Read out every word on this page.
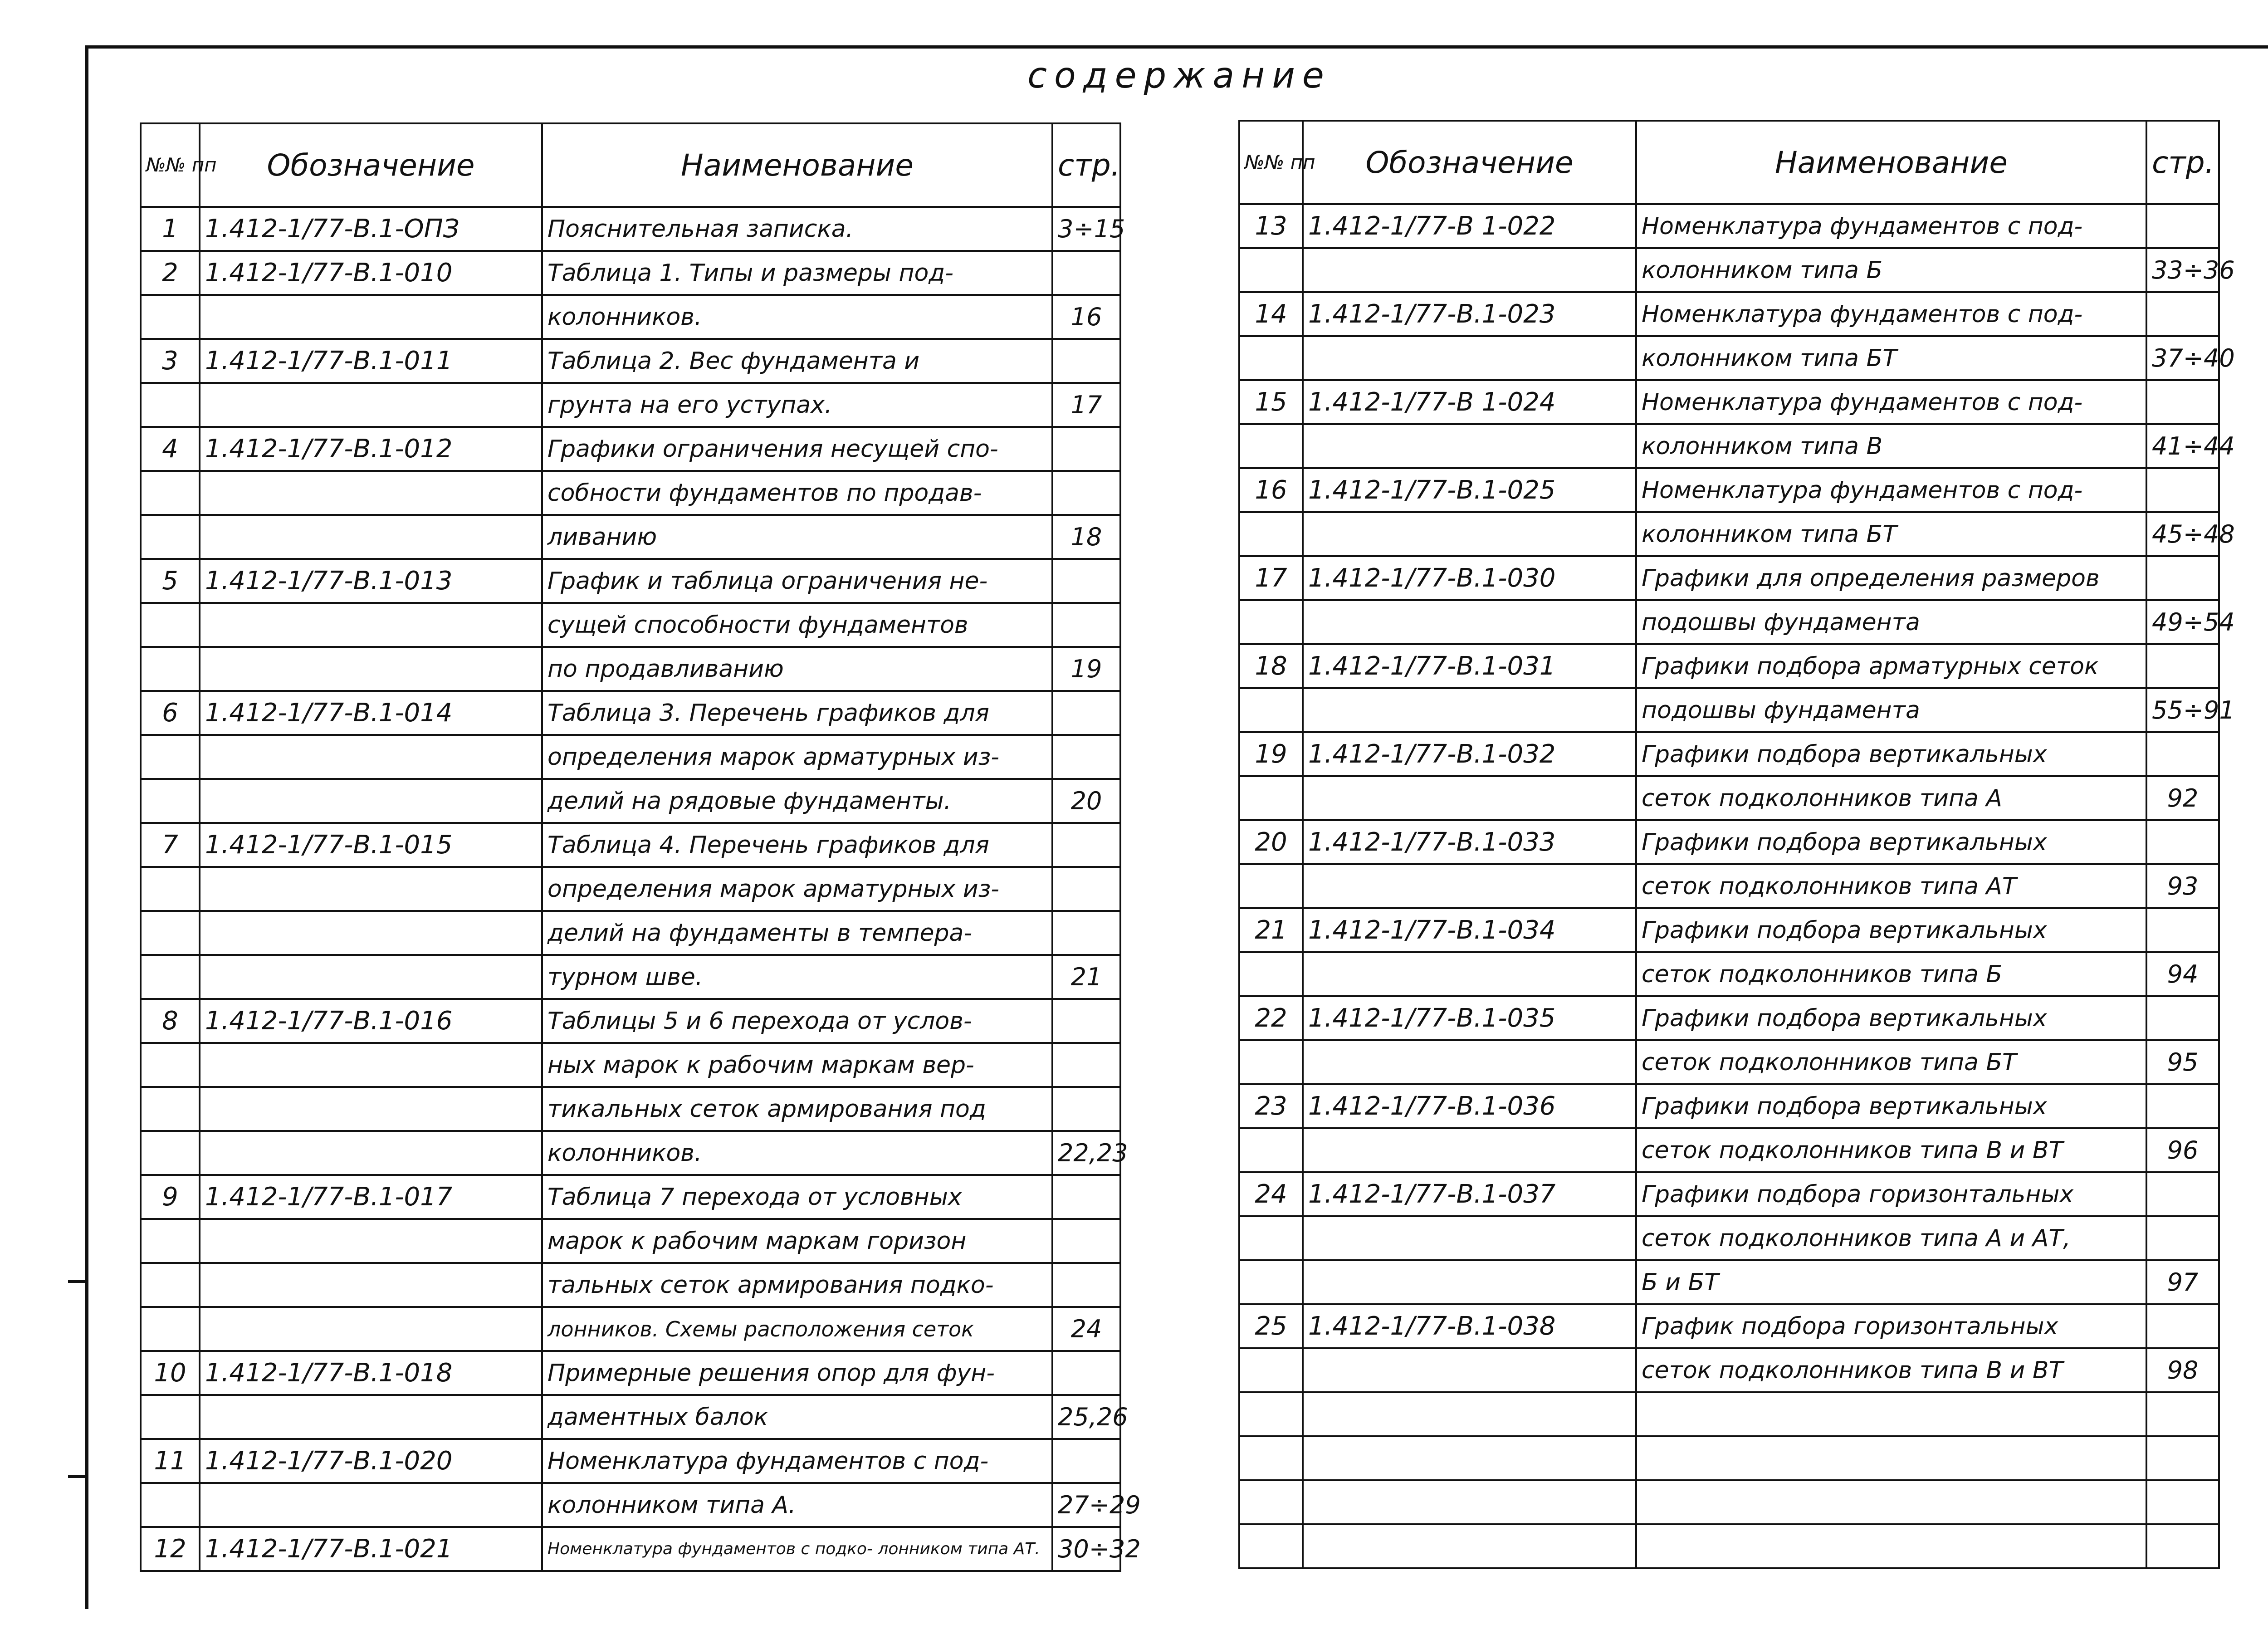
содержание
№№ пп	Обозначение	Наименование	стр.
1	1.412-1/77-В.1-ОПЗ	Пояснительная записка.	3÷15
2	1.412-1/77-В.1-010	Таблица 1. Типы и размеры под-	
		колонников.	16
3	1.412-1/77-В.1-011	Таблица 2. Вес фундамента и	
		грунта на его уступах.	17
4	1.412-1/77-В.1-012	Графики ограничения несущей спо-	
		собности фундаментов по продав-	
		ливанию	18
5	1.412-1/77-В.1-013	График и таблица ограничения не-	
		сущей способности фундаментов	
		по продавливанию	19
6	1.412-1/77-В.1-014	Таблица 3. Перечень графиков для	
		определения марок арматурных из-	
		делий на рядовые фундаменты.	20
7	1.412-1/77-В.1-015	Таблица 4. Перечень графиков для	
		определения марок арматурных из-	
		делий на фундаменты в темпера-	
		турном шве.	21
8	1.412-1/77-В.1-016	Таблицы 5 и 6 перехода от услов-	
		ных марок к рабочим маркам вер-	
		тикальных сеток армирования под	
		колонников.	22,23
9	1.412-1/77-В.1-017	Таблица 7 перехода от условных	
		марок к рабочим маркам горизон	
		тальных сеток армирования подко-	
		лонников. Схемы расположения сеток	24
10	1.412-1/77-В.1-018	Примерные решения опор для фун-	
		даментных балок	25,26
11	1.412-1/77-В.1-020	Номенклатура фундаментов с под-	
		колонником типа А.	27÷29
12	1.412-1/77-В.1-021	Номенклатура фундаментов с подко- лонником типа АТ.	30÷32
№№ пп	Обозначение	Наименование	стр.
13	1.412-1/77-В 1-022	Номенклатура фундаментов с под-	
		колонником типа Б	33÷36
14	1.412-1/77-В.1-023	Номенклатура фундаментов с под-	
		колонником типа БТ	37÷40
15	1.412-1/77-В 1-024	Номенклатура фундаментов с под-	
		колонником типа В	41÷44
16	1.412-1/77-В.1-025	Номенклатура фундаментов с под-	
		колонником типа БТ	45÷48
17	1.412-1/77-В.1-030	Графики для определения размеров	
		подошвы фундамента	49÷54
18	1.412-1/77-В.1-031	Графики подбора арматурных сеток	
		подошвы фундамента	55÷91
19	1.412-1/77-В.1-032	Графики подбора вертикальных	
		сеток подколонников типа А	92
20	1.412-1/77-В.1-033	Графики подбора вертикальных	
		сеток подколонников типа АТ	93
21	1.412-1/77-В.1-034	Графики подбора вертикальных	
		сеток подколонников типа Б	94
22	1.412-1/77-В.1-035	Графики подбора вертикальных	
		сеток подколонников типа БТ	95
23	1.412-1/77-В.1-036	Графики подбора вертикальных	
		сеток подколонников типа В и ВТ	96
24	1.412-1/77-В.1-037	Графики подбора горизонтальных	
		сеток подколонников типа А и АТ,	
		Б и БТ	97
25	1.412-1/77-В.1-038	График подбора горизонтальных	
		сеток подколонников типа В и ВТ	98
